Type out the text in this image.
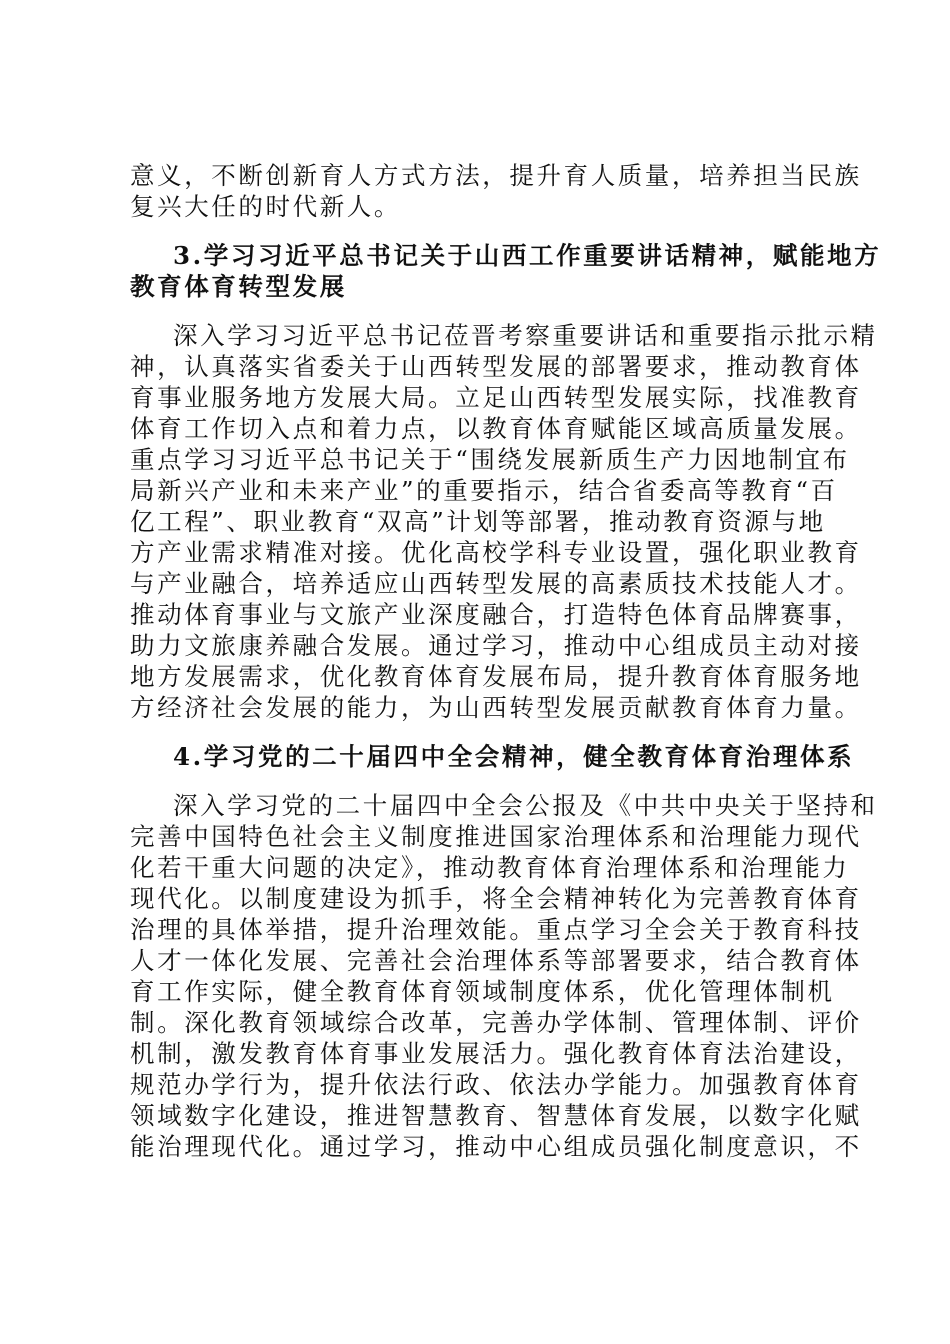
意义，不断创新育人方式方法，提升育人质量，培养担当民族
复兴大任的时代新人。
3.学习习近平总书记关于山西工作重要讲话精神，赋能地方
教育体育转型发展
深入学习习近平总书记莅晋考察重要讲话和重要指示批示精
神，认真落实省委关于山西转型发展的部署要求，推动教育体
育事业服务地方发展大局。立足山西转型发展实际，找准教育
体育工作切入点和着力点，以教育体育赋能区域高质量发展。
重点学习习近平总书记关于“围绕发展新质生产力因地制宜布
局新兴产业和未来产业”的重要指示，结合省委高等教育“百
亿工程”、职业教育“双高”计划等部署，推动教育资源与地
方产业需求精准对接。优化高校学科专业设置，强化职业教育
与产业融合，培养适应山西转型发展的高素质技术技能人才。
推动体育事业与文旅产业深度融合，打造特色体育品牌赛事，
助力文旅康养融合发展。通过学习，推动中心组成员主动对接
地方发展需求，优化教育体育发展布局，提升教育体育服务地
方经济社会发展的能力，为山西转型发展贡献教育体育力量。
4.学习党的二十届四中全会精神，健全教育体育治理体系
深入学习党的二十届四中全会公报及《中共中央关于坚持和
完善中国特色社会主义制度推进国家治理体系和治理能力现代
化若干重大问题的决定》，推动教育体育治理体系和治理能力
现代化。以制度建设为抓手，将全会精神转化为完善教育体育
治理的具体举措，提升治理效能。重点学习全会关于教育科技
人才一体化发展、完善社会治理体系等部署要求，结合教育体
育工作实际，健全教育体育领域制度体系，优化管理体制机
制。深化教育领域综合改革，完善办学体制、管理体制、评价
机制，激发教育体育事业发展活力。强化教育体育法治建设，
规范办学行为，提升依法行政、依法办学能力。加强教育体育
领域数字化建设，推进智慧教育、智慧体育发展，以数字化赋
能治理现代化。通过学习，推动中心组成员强化制度意识，不
